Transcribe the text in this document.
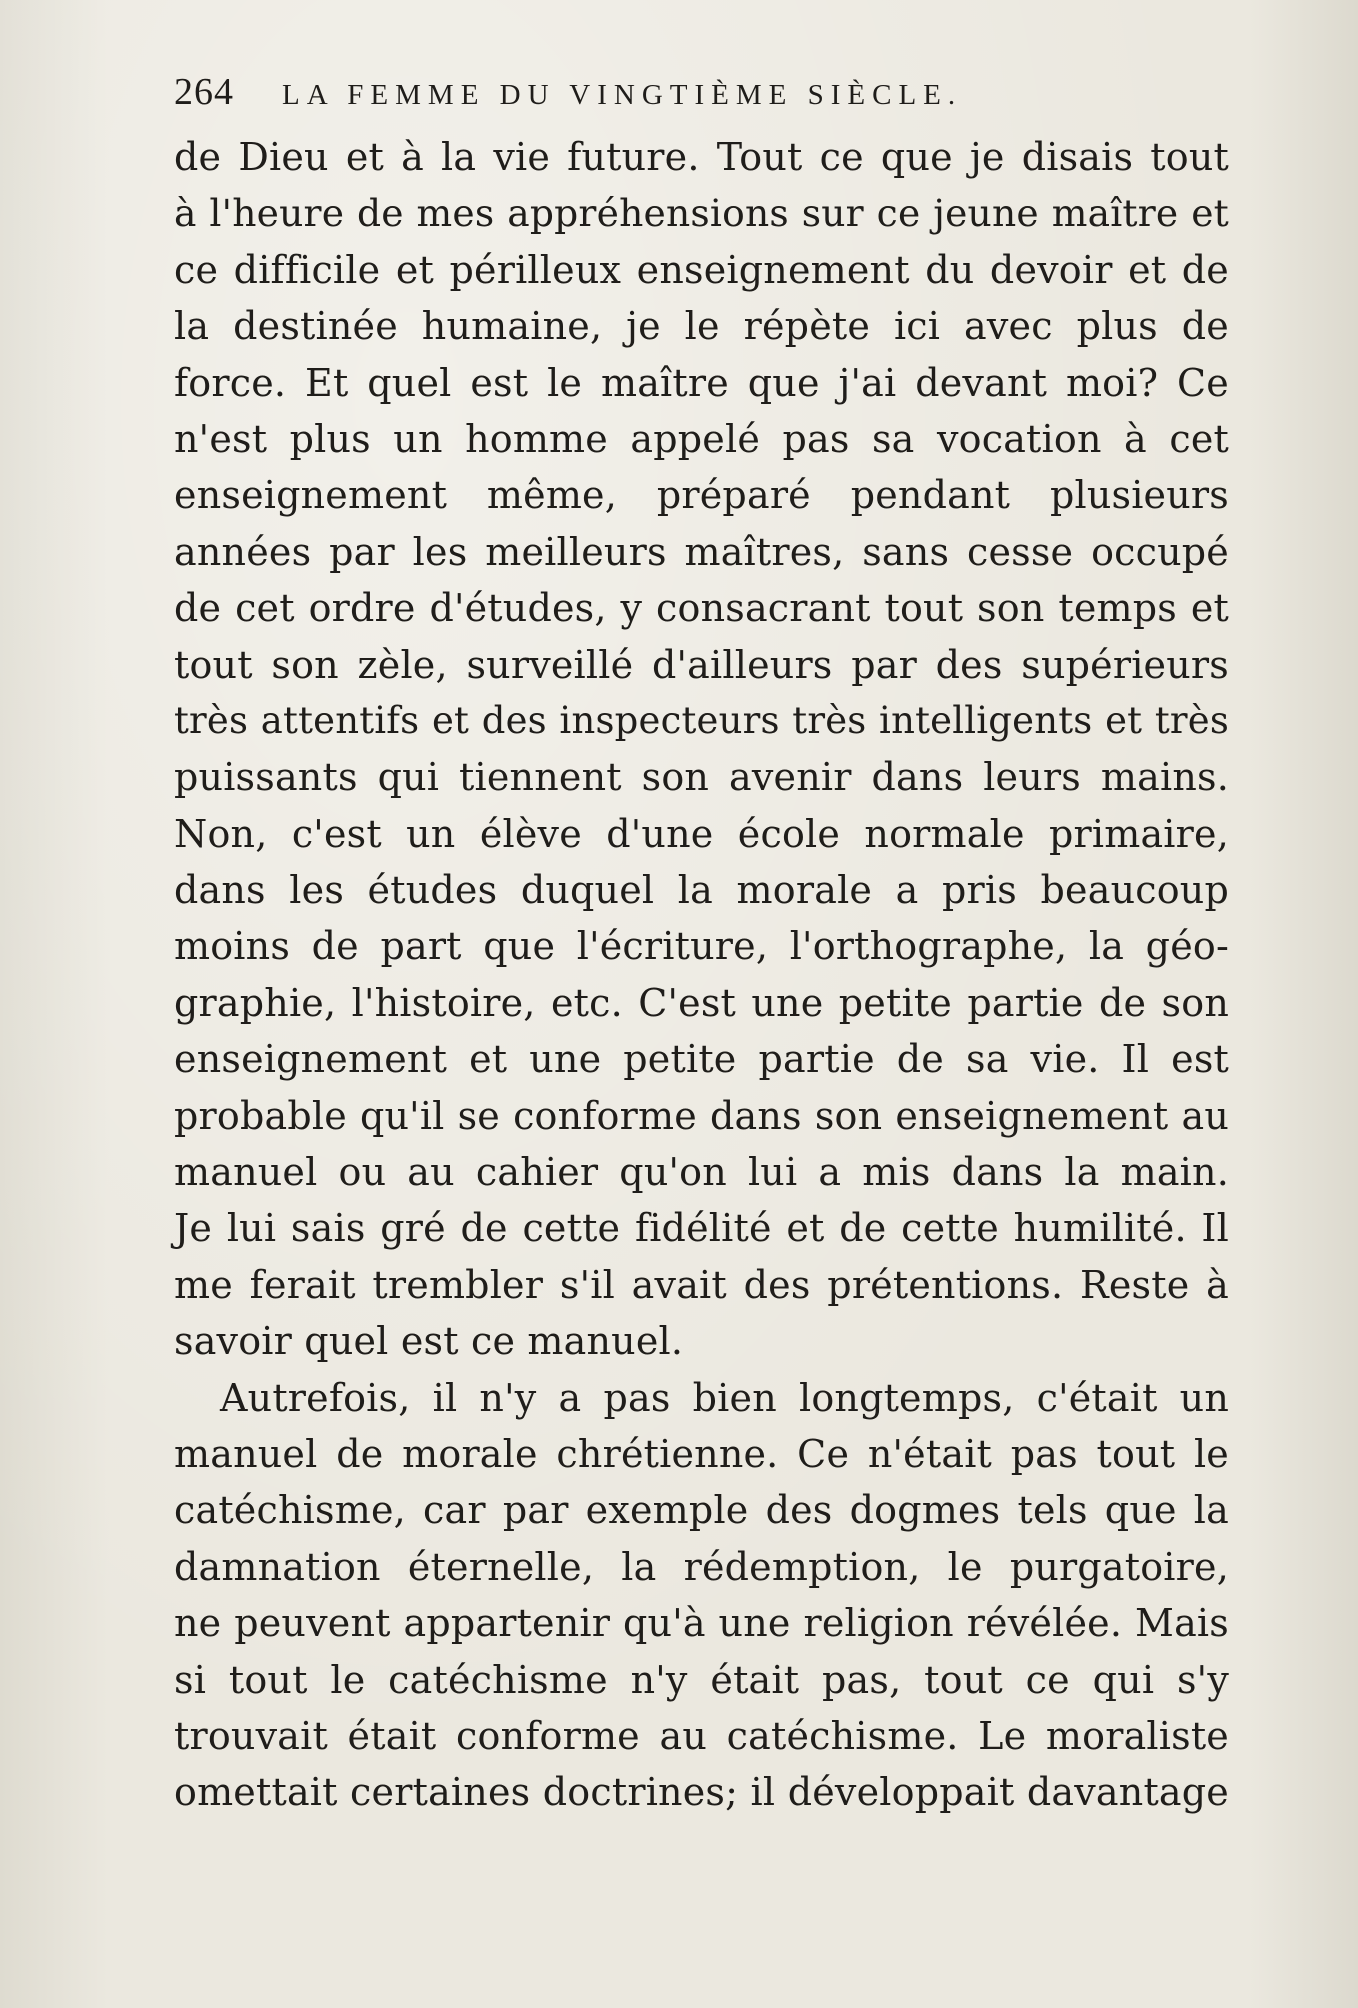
264 LA FEMME DU VINGTIÈME SIÈCLE.
de Dieu et à la vie future. Tout ce que je disais tout
à l'heure de mes appréhensions sur ce jeune maître et
ce difficile et périlleux enseignement du devoir et de
la destinée humaine, je le répète ici avec plus de
force. Et quel est le maître que j'ai devant moi? Ce
n'est plus un homme appelé pas sa vocation à cet
enseignement même, préparé pendant plusieurs
années par les meilleurs maîtres, sans cesse occupé
de cet ordre d'études, y consacrant tout son temps et
tout son zèle, surveillé d'ailleurs par des supérieurs
très attentifs et des inspecteurs très intelligents et très
puissants qui tiennent son avenir dans leurs mains.
Non, c'est un élève d'une école normale primaire,
dans les études duquel la morale a pris beaucoup
moins de part que l'écriture, l'orthographe, la géo-
graphie, l'histoire, etc. C'est une petite partie de son
enseignement et une petite partie de sa vie. Il est
probable qu'il se conforme dans son enseignement au
manuel ou au cahier qu'on lui a mis dans la main.
Je lui sais gré de cette fidélité et de cette humilité. Il
me ferait trembler s'il avait des prétentions. Reste à
savoir quel est ce manuel.
Autrefois, il n'y a pas bien longtemps, c'était un
manuel de morale chrétienne. Ce n'était pas tout le
catéchisme, car par exemple des dogmes tels que la
damnation éternelle, la rédemption, le purgatoire,
ne peuvent appartenir qu'à une religion révélée. Mais
si tout le catéchisme n'y était pas, tout ce qui s'y
trouvait était conforme au catéchisme. Le moraliste
omettait certaines doctrines; il développait davantage
